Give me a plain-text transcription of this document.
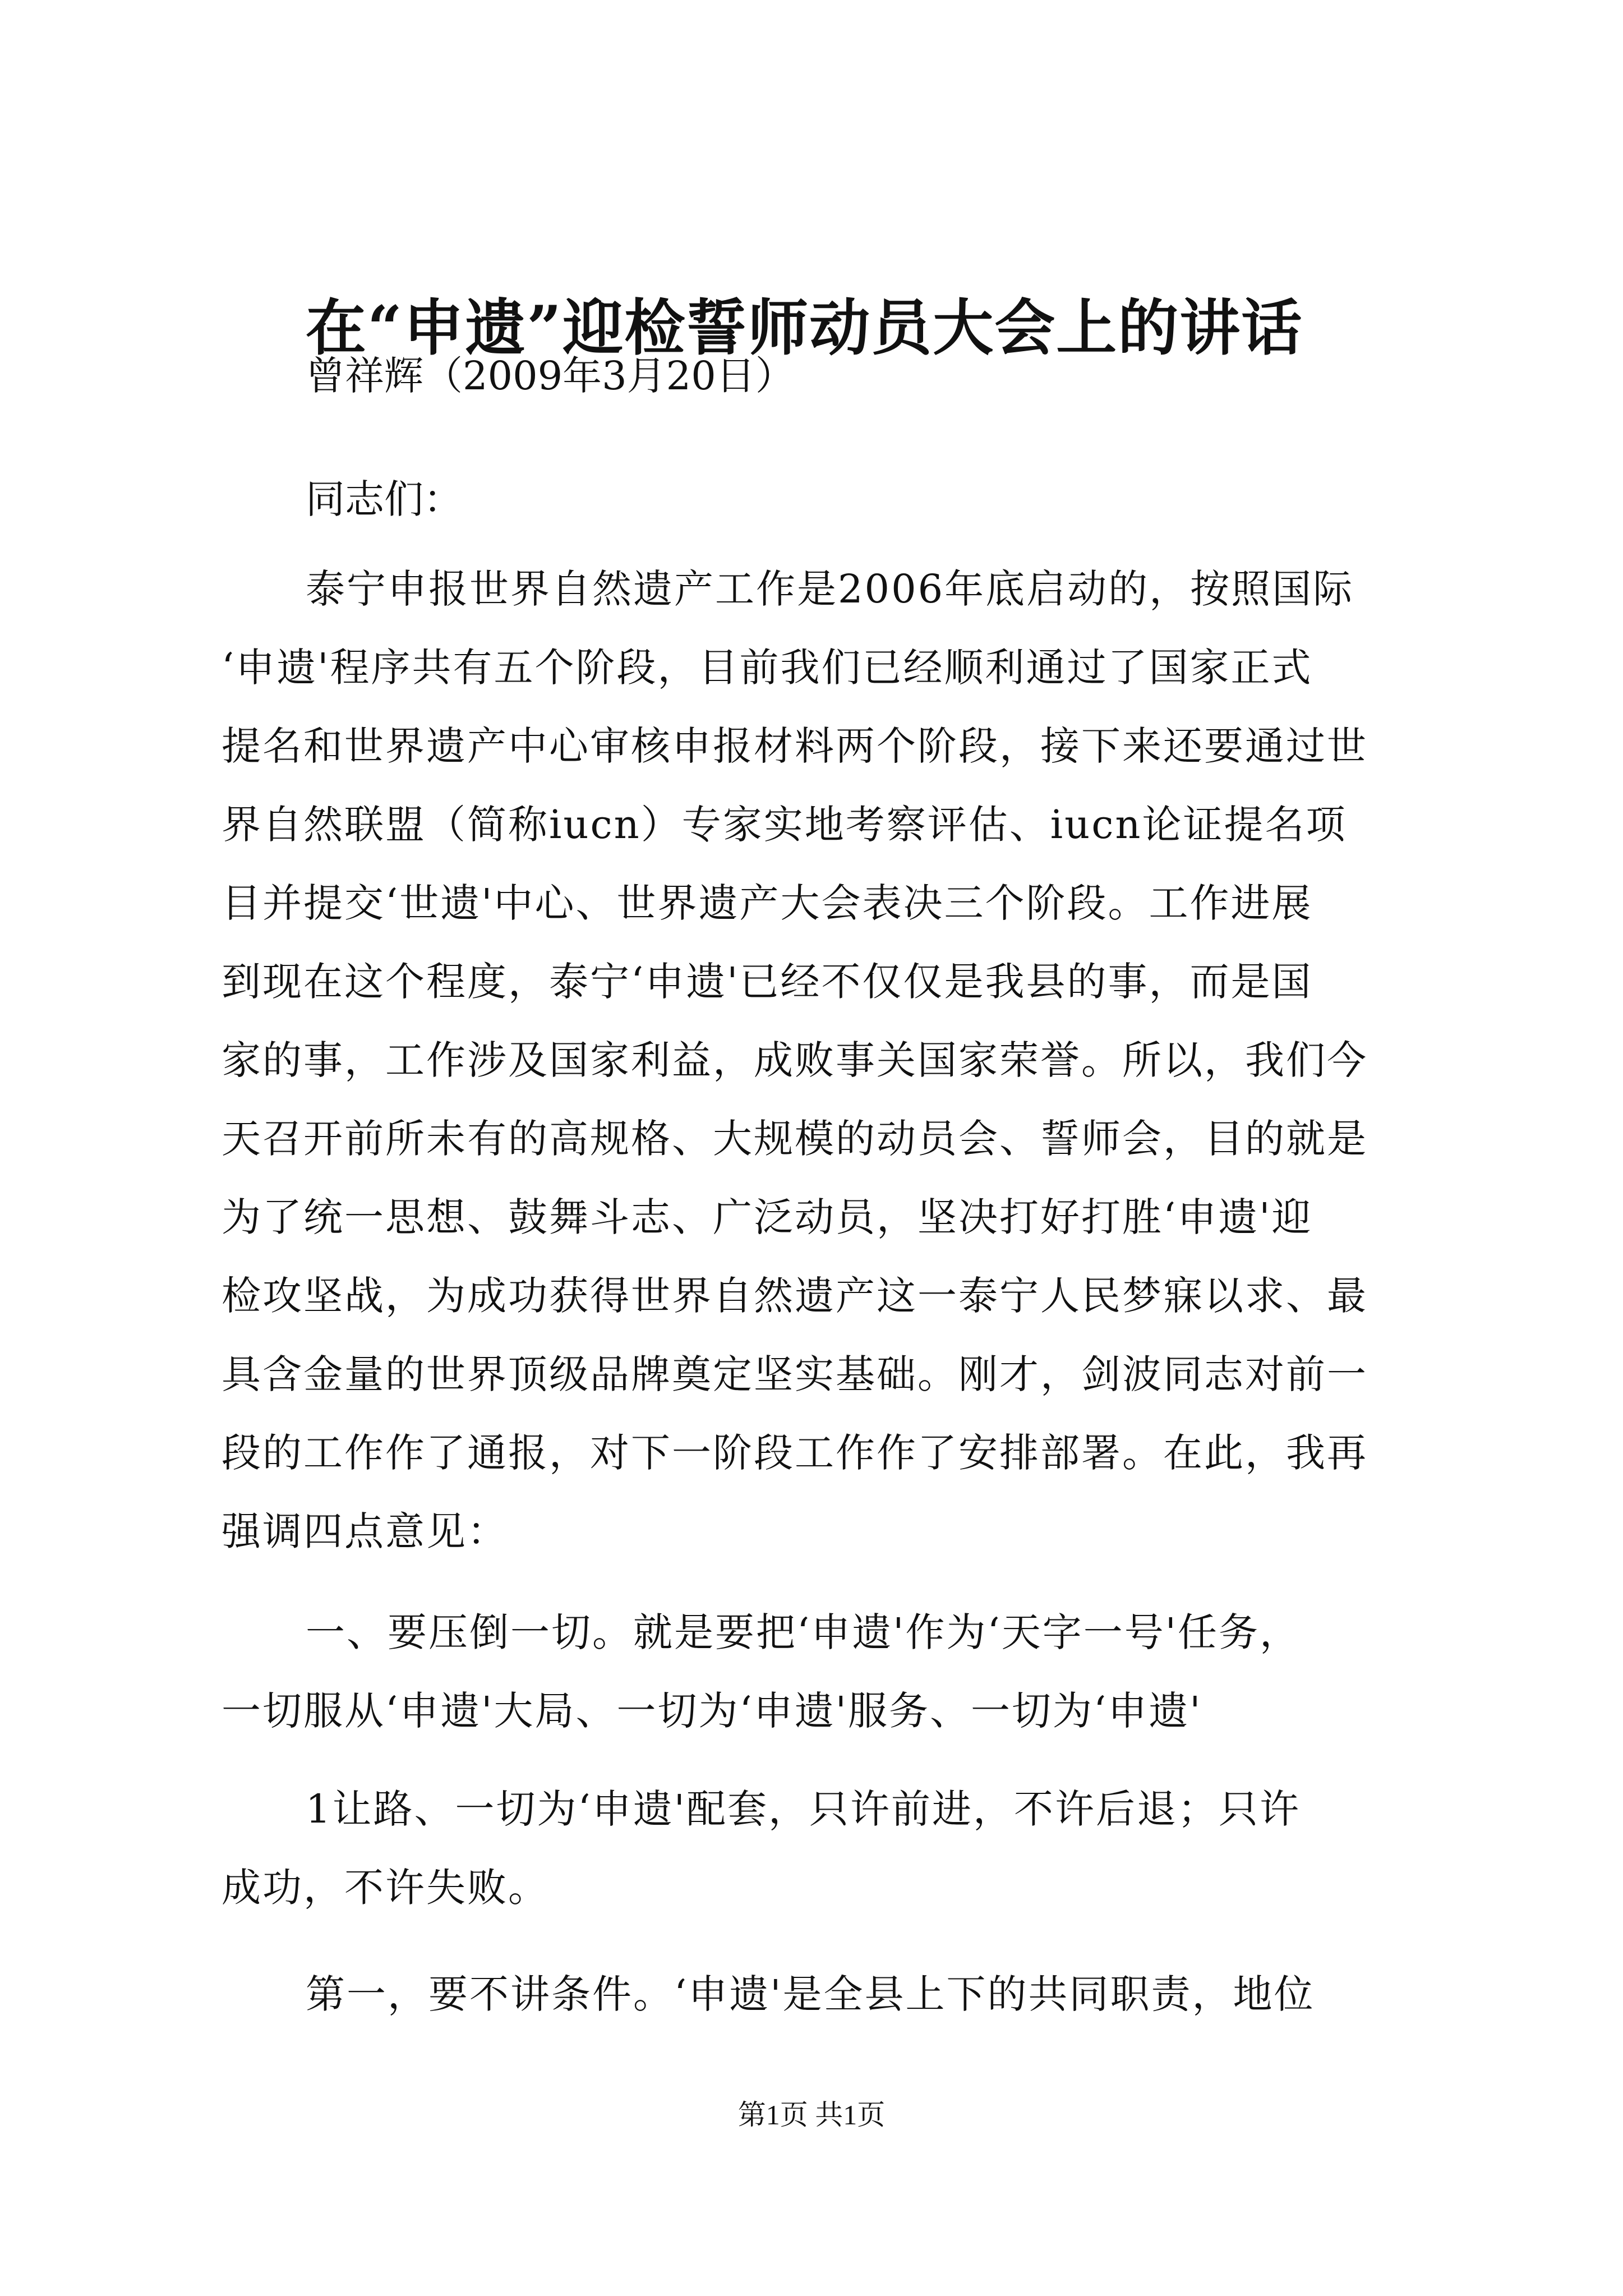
在“申遗”迎检誓师动员大会上的讲话
曾祥辉（2009年3月20日）
同志们：
泰宁申报世界自然遗产工作是2006年底启动的，按照国际
‘申遗'程序共有五个阶段，目前我们已经顺利通过了国家正式
提名和世界遗产中心审核申报材料两个阶段，接下来还要通过世
界自然联盟（简称iucn）专家实地考察评估、iucn论证提名项
目并提交‘世遗'中心、世界遗产大会表决三个阶段。工作进展
到现在这个程度，泰宁‘申遗'已经不仅仅是我县的事，而是国
家的事，工作涉及国家利益，成败事关国家荣誉。所以，我们今
天召开前所未有的高规格、大规模的动员会、誓师会，目的就是
为了统一思想、鼓舞斗志、广泛动员，坚决打好打胜‘申遗'迎
检攻坚战，为成功获得世界自然遗产这一泰宁人民梦寐以求、最
具含金量的世界顶级品牌奠定坚实基础。刚才，剑波同志对前一
段的工作作了通报，对下一阶段工作作了安排部署。在此，我再
强调四点意见：
一、要压倒一切。就是要把‘申遗'作为‘天字一号'任务，
一切服从‘申遗'大局、一切为‘申遗'服务、一切为‘申遗'
1让路、一切为‘申遗'配套，只许前进，不许后退；只许
成功，不许失败。
第一，要不讲条件。‘申遗'是全县上下的共同职责，地位
第1页 共1页
